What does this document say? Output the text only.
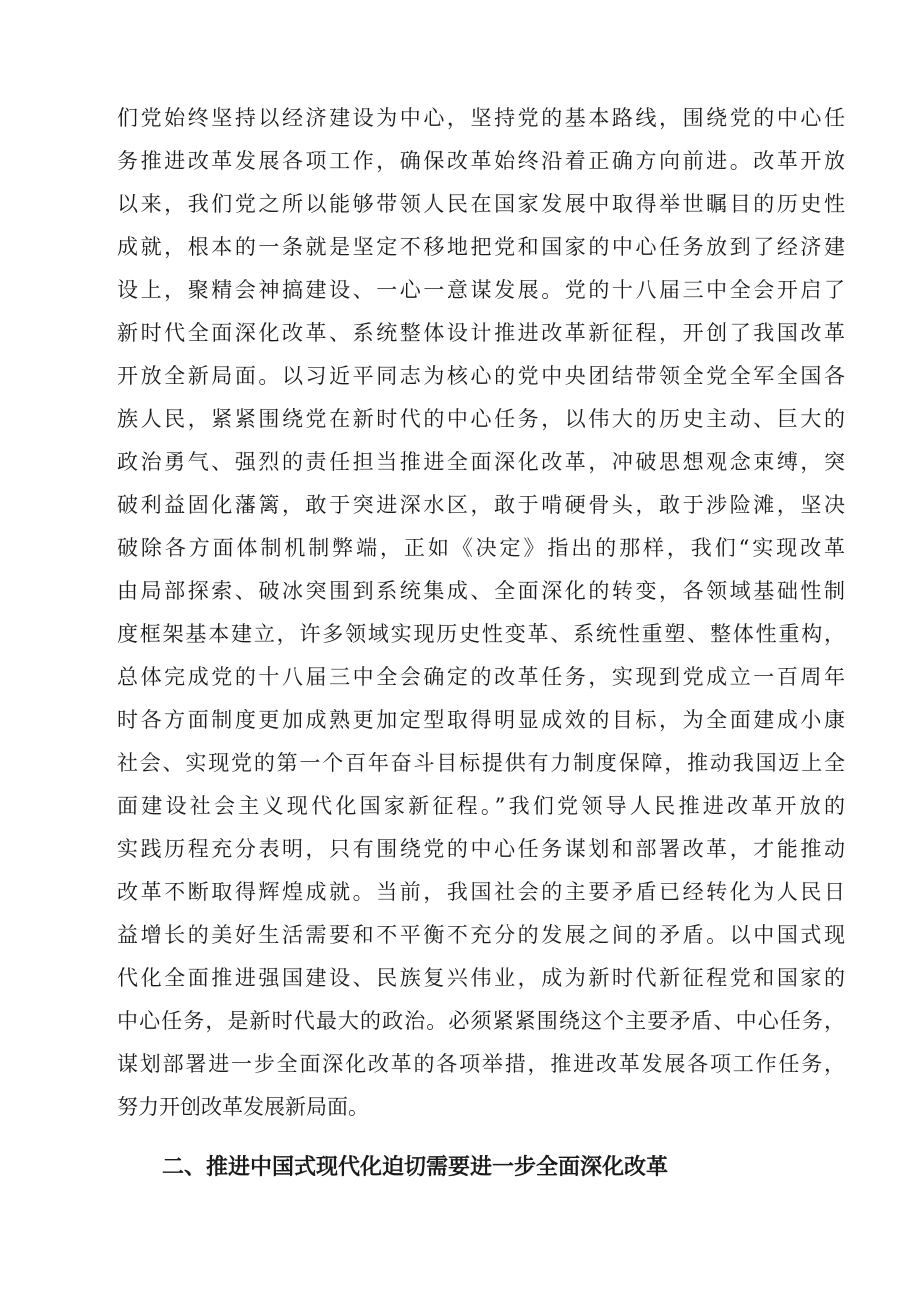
们党始终坚持以经济建设为中心，坚持党的基本路线，围绕党的中心任
务推进改革发展各项工作，确保改革始终沿着正确方向前进。改革开放
以来，我们党之所以能够带领人民在国家发展中取得举世瞩目的历史性
成就，根本的一条就是坚定不移地把党和国家的中心任务放到了经济建
设上，聚精会神搞建设、一心一意谋发展。党的十八届三中全会开启了
新时代全面深化改革、系统整体设计推进改革新征程，开创了我国改革
开放全新局面。以习近平同志为核心的党中央团结带领全党全军全国各
族人民，紧紧围绕党在新时代的中心任务，以伟大的历史主动、巨大的
政治勇气、强烈的责任担当推进全面深化改革，冲破思想观念束缚，突
破利益固化藩篱，敢于突进深水区，敢于啃硬骨头，敢于涉险滩，坚决
破除各方面体制机制弊端，正如《决定》指出的那样，我们“实现改革
由局部探索、破冰突围到系统集成、全面深化的转变，各领域基础性制
度框架基本建立，许多领域实现历史性变革、系统性重塑、整体性重构，
总体完成党的十八届三中全会确定的改革任务，实现到党成立一百周年
时各方面制度更加成熟更加定型取得明显成效的目标，为全面建成小康
社会、实现党的第一个百年奋斗目标提供有力制度保障，推动我国迈上全
面建设社会主义现代化国家新征程。”我们党领导人民推进改革开放的
实践历程充分表明，只有围绕党的中心任务谋划和部署改革，才能推动
改革不断取得辉煌成就。当前，我国社会的主要矛盾已经转化为人民日
益增长的美好生活需要和不平衡不充分的发展之间的矛盾。以中国式现
代化全面推进强国建设、民族复兴伟业，成为新时代新征程党和国家的
中心任务，是新时代最大的政治。必须紧紧围绕这个主要矛盾、中心任务，
谋划部署进一步全面深化改革的各项举措，推进改革发展各项工作任务，
努力开创改革发展新局面。
二、推进中国式现代化迫切需要进一步全面深化改革
